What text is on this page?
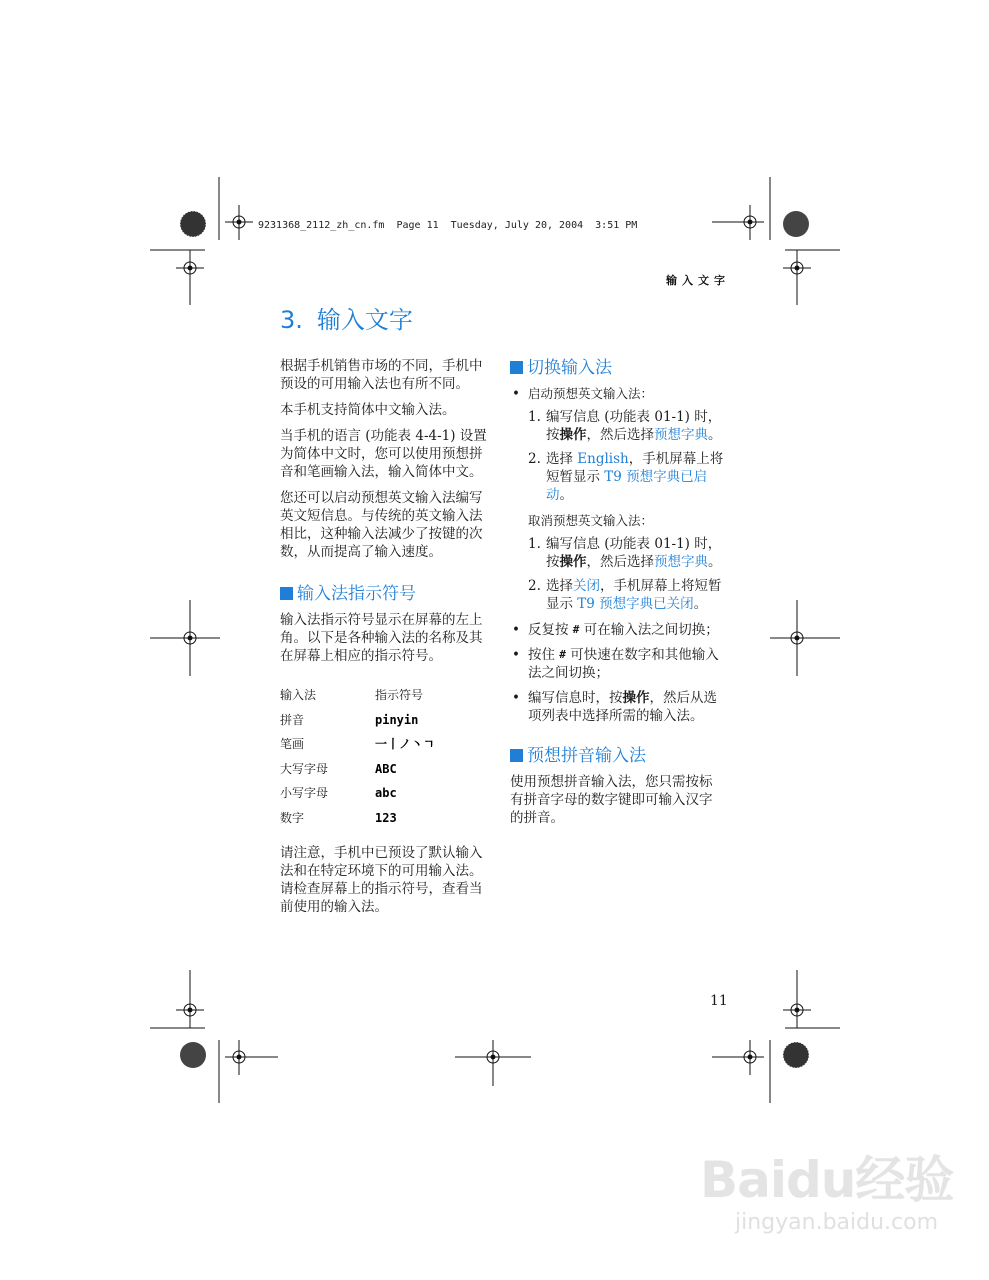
9231368_2112_zh_cn.fm  Page 11  Tuesday, July 20, 2004  3:51 PM
输入文字
3. 输入文字

根据手机销售市场的不同，手机中预设的可用输入法也有所不同。

本手机支持简体中文输入法。

当手机的语言 (功能表 4-4-1) 设置为简体中文时，您可以使用预想拼音和笔画输入法，输入简体中文。

您还可以启动预想英文输入法编写英文短信息。与传统的英文输入法相比，这种输入法减少了按键的次数，从而提高了输入速度。

输入法指示符号

输入法指示符号显示在屏幕的左上角。以下是各种输入法的名称及其在屏幕上相应的指示符号。

输入法	指示符号
拼音	pinyin
笔画	一丨ノ丶ㄱ
大写字母	ABC
小写字母	abc
数字	123

请注意，手机中已预设了默认输入法和在特定环境下的可用输入法。请检查屏幕上的指示符号，查看当前使用的输入法。

切换输入法
• 启动预想英文输入法：
1. 编写信息 (功能表 01-1) 时，按操作，然后选择预想字典。
2. 选择 English，手机屏幕上将短暂显示 T9 预想字典已启动。
取消预想英文输入法：
1. 编写信息 (功能表 01-1) 时，按操作，然后选择预想字典。
2. 选择关闭，手机屏幕上将短暂显示 T9 预想字典已关闭。
• 反复按 # 可在输入法之间切换；
• 按住 # 可快速在数字和其他输入法之间切换；
• 编写信息时，按操作，然后从选项列表中选择所需的输入法。
预想拼音输入法

使用预想拼音输入法，您只需按标有拼音字母的数字键即可输入汉字的拼音。

11
Baidu经验
jingyan.baidu.com
